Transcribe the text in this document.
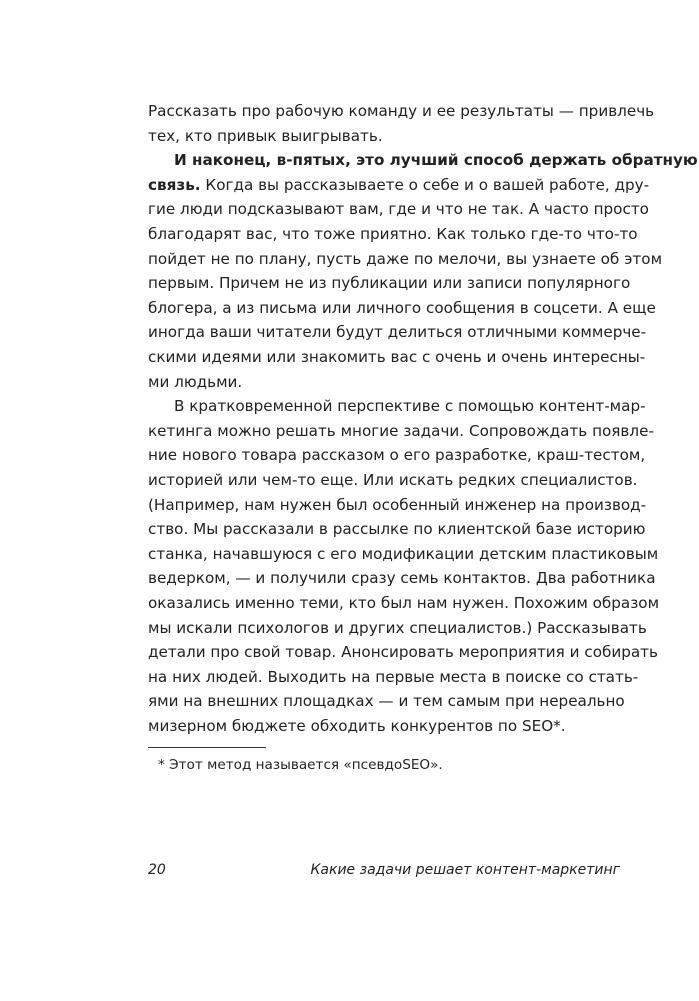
Рассказать про рабочую команду и ее результаты — привлечь
тех, кто привык выигрывать.
И наконец, в-пятых, это лучший способ держать обратную
связь. Когда вы рассказываете о себе и о вашей работе, дру-
гие люди подсказывают вам, где и что не так. А часто просто
благодарят вас, что тоже приятно. Как только где-то что-то
пойдет не по плану, пусть даже по мелочи, вы узнаете об этом
первым. Причем не из публикации или записи популярного
блогера, а из письма или личного сообщения в соцсети. А еще
иногда ваши читатели будут делиться отличными коммерче-
скими идеями или знакомить вас с очень и очень интересны-
ми людьми.
В кратковременной перспективе с помощью контент-мар-
кетинга можно решать многие задачи. Сопровождать появле-
ние нового товара рассказом о его разработке, краш-тестом,
историей или чем-то еще. Или искать редких специалистов.
(Например, нам нужен был особенный инженер на производ-
ство. Мы рассказали в рассылке по клиентской базе историю
станка, начавшуюся с его модификации детским пластиковым
ведерком, — и получили сразу семь контактов. Два работника
оказались именно теми, кто был нам нужен. Похожим образом
мы искали психологов и других специалистов.) Рассказывать
детали про свой товар. Анонсировать мероприятия и собирать
на них людей. Выходить на первые места в поиске со стать-
ями на внешних площадках — и тем самым при нереально
мизерном бюджете обходить конкурентов по SEO*.
* Этот метод называется «псевдоSEO».
20	Какие задачи решает контент-маркетинг
